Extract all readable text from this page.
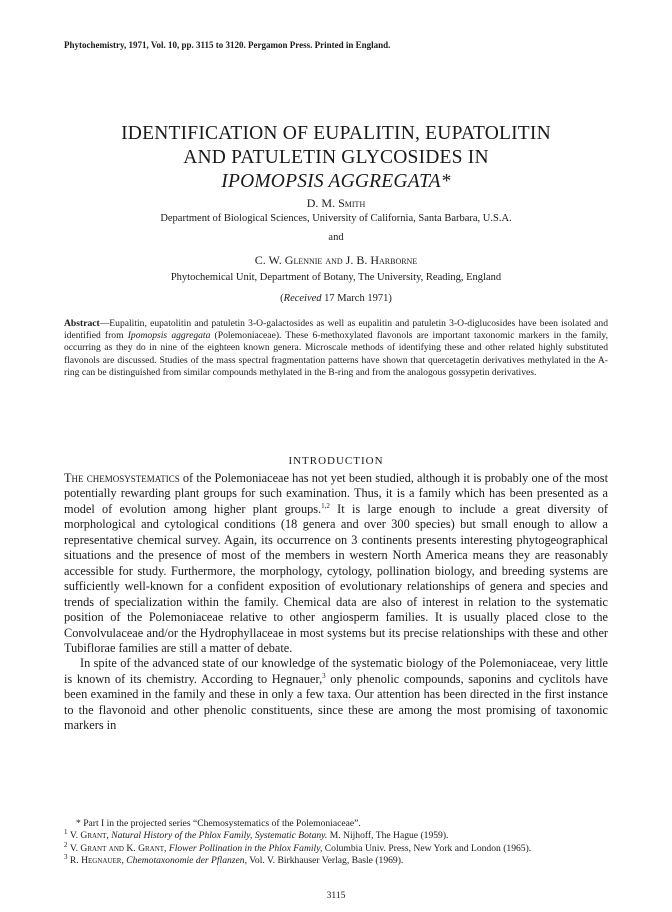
Phytochemistry, 1971, Vol. 10, pp. 3115 to 3120. Pergamon Press. Printed in England.
IDENTIFICATION OF EUPALITIN, EUPATOLITIN
AND PATULETIN GLYCOSIDES IN
IPOMOPSIS AGGREGATA*
D. M. Smith
Department of Biological Sciences, University of California, Santa Barbara, U.S.A.
and
C. W. Glennie and J. B. Harborne
Phytochemical Unit, Department of Botany, The University, Reading, England
(Received 17 March 1971)

Abstract—Eupalitin, eupatolitin and patuletin 3-O-galactosides as well as eupalitin and patuletin 3-O-diglucosides have been isolated and identified from Ipomopsis aggregata (Polemoniaceae). These 6-methoxylated flavonols are important taxonomic markers in the family, occurring as they do in nine of the eighteen known genera. Microscale methods of identifying these and other related highly substituted flavonols are discussed. Studies of the mass spectral fragmentation patterns have shown that quercetagetin derivatives methylated in the A-ring can be distinguished from similar compounds methylated in the B-ring and from the analogous gossypetin derivatives.

INTRODUCTION

The chemosystematics of the Polemoniaceae has not yet been studied, although it is probably one of the most potentially rewarding plant groups for such examination. Thus, it is a family which has been presented as a model of evolution among higher plant groups.$^{1,2}$ It is large enough to include a great diversity of morphological and cytological conditions (18 genera and over 300 species) but small enough to allow a representative chemical survey. Again, its occurrence on 3 continents presents interesting phytogeographical situations and the presence of most of the members in western North America means they are reasonably accessible for study. Furthermore, the morphology, cytology, pollination biology, and breeding systems are sufficiently well-known for a confident exposition of evolutionary relationships of genera and species and trends of specialization within the family. Chemical data are also of interest in relation to the systematic position of the Polemoniaceae relative to other angiosperm families. It is usually placed close to the Convolvulaceae and/or the Hydrophyllaceae in most systems but its precise relationships with these and other Tubiflorae families are still a matter of debate.

In spite of the advanced state of our knowledge of the systematic biology of the Polemoniaceae, very little is known of its chemistry. According to Hegnauer,$^3$ only phenolic compounds, saponins and cyclitols have been examined in the family and these in only a few taxa. Our attention has been directed in the first instance to the flavonoid and other phenolic constituents, since these are among the most promising of taxonomic markers in

* Part I in the projected series “Chemosystematics of the Polemoniaceae”.

$^1$ V. Grant, Natural History of the Phlox Family, Systematic Botany. M. Nijhoff, The Hague (1959).

$^2$ V. Grant and K. Grant, Flower Pollination in the Phlox Family, Columbia Univ. Press, New York and London (1965).

$^3$ R. Hegnauer, Chemotaxonomie der Pflanzen, Vol. V. Birkhauser Verlag, Basle (1969).

3115
